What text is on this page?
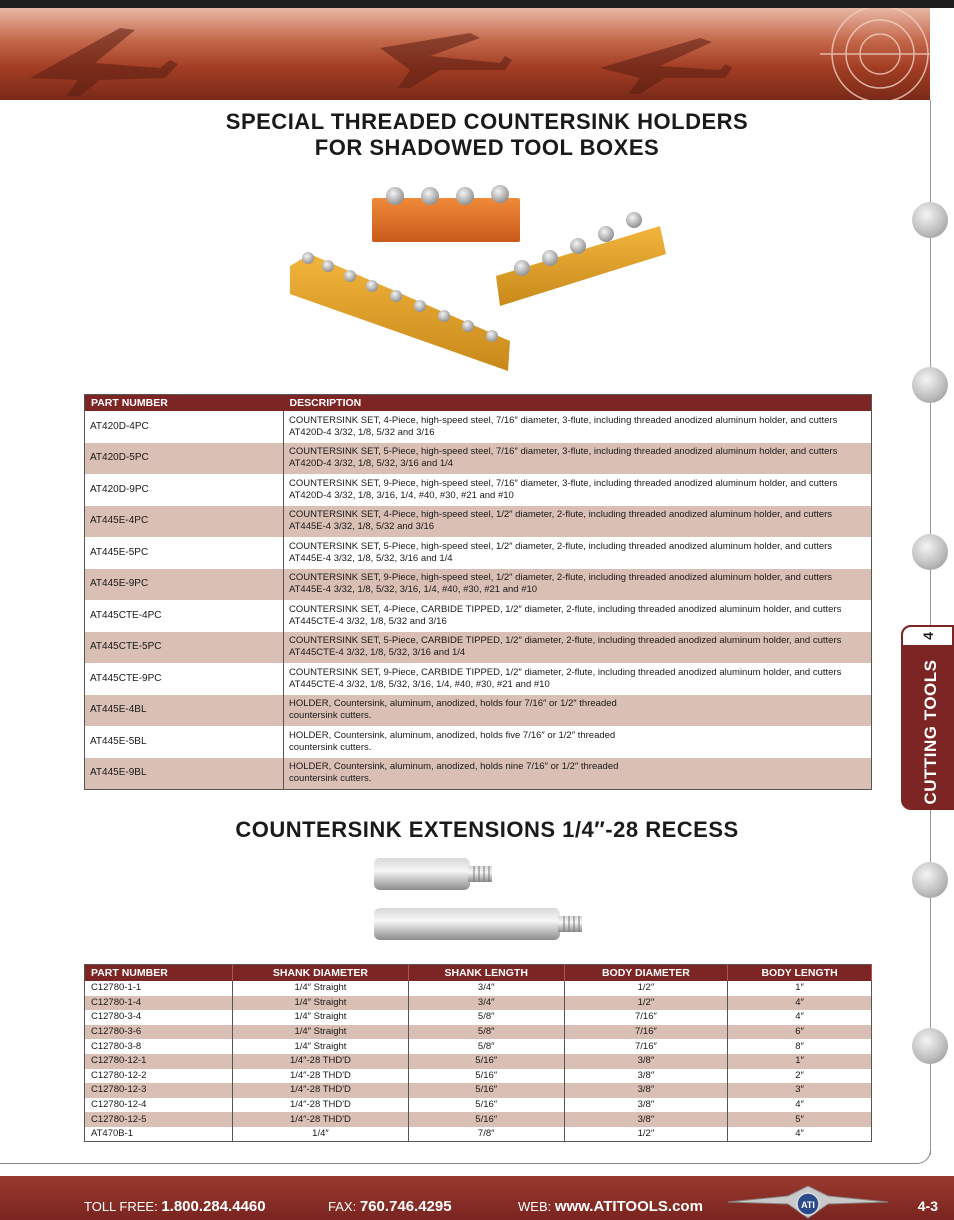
SPECIAL THREADED COUNTERSINK HOLDERS
FOR SHADOWED TOOL BOXES
PART NUMBER	DESCRIPTION
AT420D-4PC	COUNTERSINK SET, 4-Piece, high-speed steel, 7/16″ diameter, 3-flute, including threaded anodized aluminum holder, and cutters
AT420D-4 3/32, 1/8, 5/32 and 3/16

AT420D-5PC	COUNTERSINK SET, 5-Piece, high-speed steel, 7/16″ diameter, 3-flute, including threaded anodized aluminum holder, and cutters
AT420D-4 3/32, 1/8, 5/32, 3/16 and 1/4

AT420D-9PC	COUNTERSINK SET, 9-Piece, high-speed steel, 7/16″ diameter, 3-flute, including threaded anodized aluminum holder, and cutters
AT420D-4 3/32, 1/8, 3/16, 1/4, #40, #30, #21 and #10

AT445E-4PC	COUNTERSINK SET, 4-Piece, high-speed steel, 1/2″ diameter, 2-flute, including threaded anodized aluminum holder, and cutters
AT445E-4 3/32, 1/8, 5/32 and 3/16

AT445E-5PC	COUNTERSINK SET, 5-Piece, high-speed steel, 1/2″ diameter, 2-flute, including threaded anodized aluminum holder, and cutters
AT445E-4 3/32, 1/8, 5/32, 3/16 and 1/4

AT445E-9PC	COUNTERSINK SET, 9-Piece, high-speed steel, 1/2″ diameter, 2-flute, including threaded anodized aluminum holder, and cutters
AT445E-4 3/32, 1/8, 5/32, 3/16, 1/4, #40, #30, #21 and #10

AT445CTE-4PC	COUNTERSINK SET, 4-Piece, CARBIDE TIPPED, 1/2″ diameter, 2-flute, including threaded anodized aluminum holder, and cutters
AT445CTE-4 3/32, 1/8, 5/32 and 3/16

AT445CTE-5PC	COUNTERSINK SET, 5-Piece, CARBIDE TIPPED, 1/2″ diameter, 2-flute, including threaded anodized aluminum holder, and cutters
AT445CTE-4 3/32, 1/8, 5/32, 3/16 and 1/4

AT445CTE-9PC	COUNTERSINK SET, 9-Piece, CARBIDE TIPPED, 1/2″ diameter, 2-flute, including threaded anodized aluminum holder, and cutters
AT445CTE-4 3/32, 1/8, 5/32, 3/16, 1/4, #40, #30, #21 and #10

AT445E-4BL	HOLDER, Countersink, aluminum, anodized, holds four 7/16″ or 1/2″ threaded
countersink cutters.

AT445E-5BL	HOLDER, Countersink, aluminum, anodized, holds five 7/16″ or 1/2″ threaded
countersink cutters.

AT445E-9BL	HOLDER, Countersink, aluminum, anodized, holds nine 7/16″ or 1/2″ threaded
countersink cutters.
COUNTERSINK EXTENSIONS 1/4″-28 RECESS
PART NUMBER	SHANK DIAMETER	SHANK LENGTH	BODY DIAMETER	BODY LENGTH
C12780-1-1	1/4″ Straight	3/4″	1/2″	1″
C12780-1-4	1/4″ Straight	3/4″	1/2″	4″
C12780-3-4	1/4″ Straight	5/8″	7/16″	4″
C12780-3-6	1/4″ Straight	5/8″	7/16″	6″
C12780-3-8	1/4″ Straight	5/8″	7/16″	8″
C12780-12-1	1/4″-28 THD'D	5/16″	3/8″	1″
C12780-12-2	1/4″-28 THD'D	5/16″	3/8″	2″
C12780-12-3	1/4″-28 THD'D	5/16″	3/8″	3″
C12780-12-4	1/4″-28 THD'D	5/16″	3/8″	4″
C12780-12-5	1/4″-28 THD'D	5/16″	3/8″	5″
AT470B-1	1/4″	7/8″	1/2″	4″
4
CUTTING TOOLS
TOLL FREE: 1.800.284.4460	FAX: 760.746.4295	WEB: www.ATITOOLS.com	ATI	4-3
